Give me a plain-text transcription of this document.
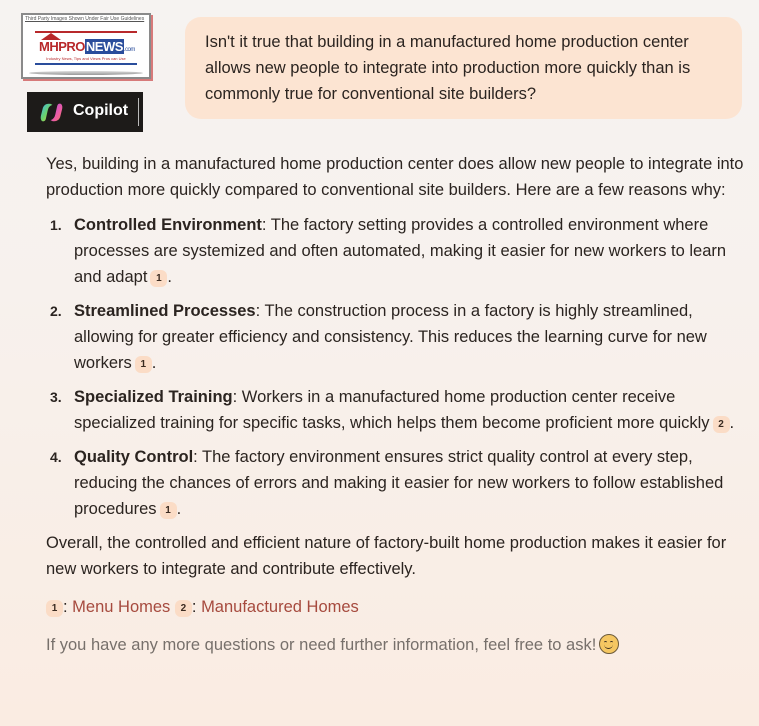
Third Party Images Shown Under Fair Use Guidelines
MHPRONEWS.com
Industry News, Tips and Views Pros can Use
Copilot
Isn't it true that building in a manufactured home production center allows new people to integrate into production more quickly than is commonly true for conventional site builders?

Yes, building in a manufactured home production center does allow new people to integrate into production more quickly compared to conventional site builders. Here are a few reasons why:

1. Controlled Environment: The factory setting provides a controlled environment where processes are systemized and often automated, making it easier for new workers to learn and adapt 1 .
2. Streamlined Processes: The construction process in a factory is highly streamlined, allowing for greater efficiency and consistency. This reduces the learning curve for new workers 1 .
3. Specialized Training: Workers in a manufactured home production center receive specialized training for specific tasks, which helps them become proficient more quickly 2 .
4. Quality Control: The factory environment ensures strict quality control at every step, reducing the chances of errors and making it easier for new workers to follow established procedures 1 .

Overall, the controlled and efficient nature of factory-built home production makes it easier for new workers to integrate and contribute effectively.

1 : Menu Homes 2 : Manufactured Homes

If you have any more questions or need further information, feel free to ask!
